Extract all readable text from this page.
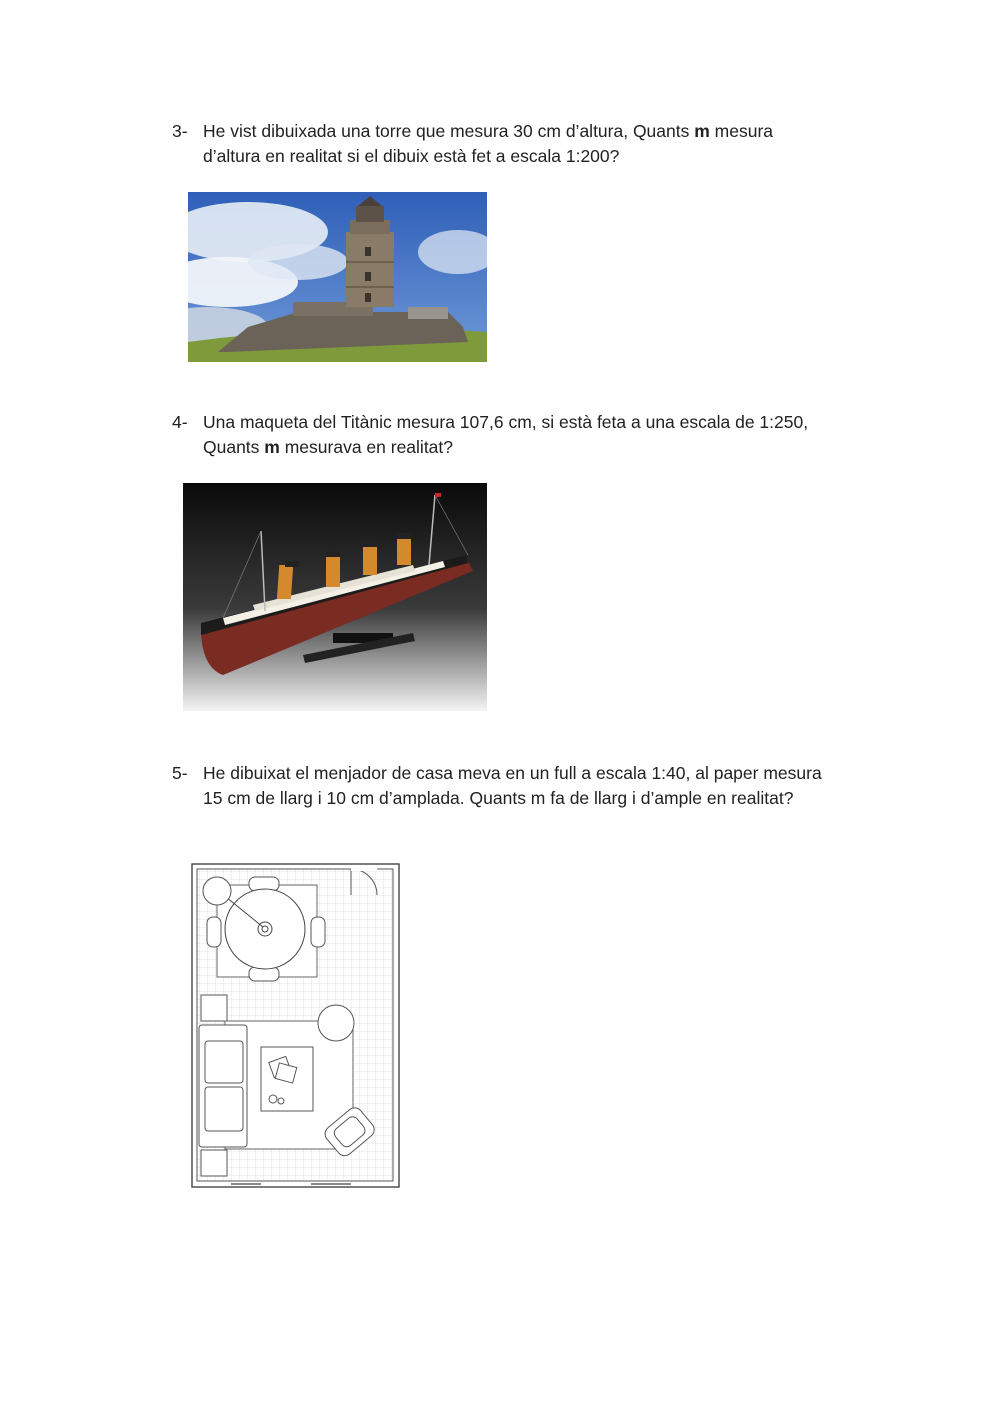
3- He vist dibuixada una torre que mesura 30 cm d’altura, Quants m mesura
d’altura en realitat si el dibuix està fet a escala 1:200?
4- Una maqueta del Titànic mesura 107,6 cm, si està feta a una escala de 1:250,
Quants m mesurava en realitat?
5- He dibuixat el menjador de casa meva en un full a escala 1:40, al paper mesura
15 cm de llarg i 10 cm d’amplada. Quants m fa de llarg i d’ample en realitat?
